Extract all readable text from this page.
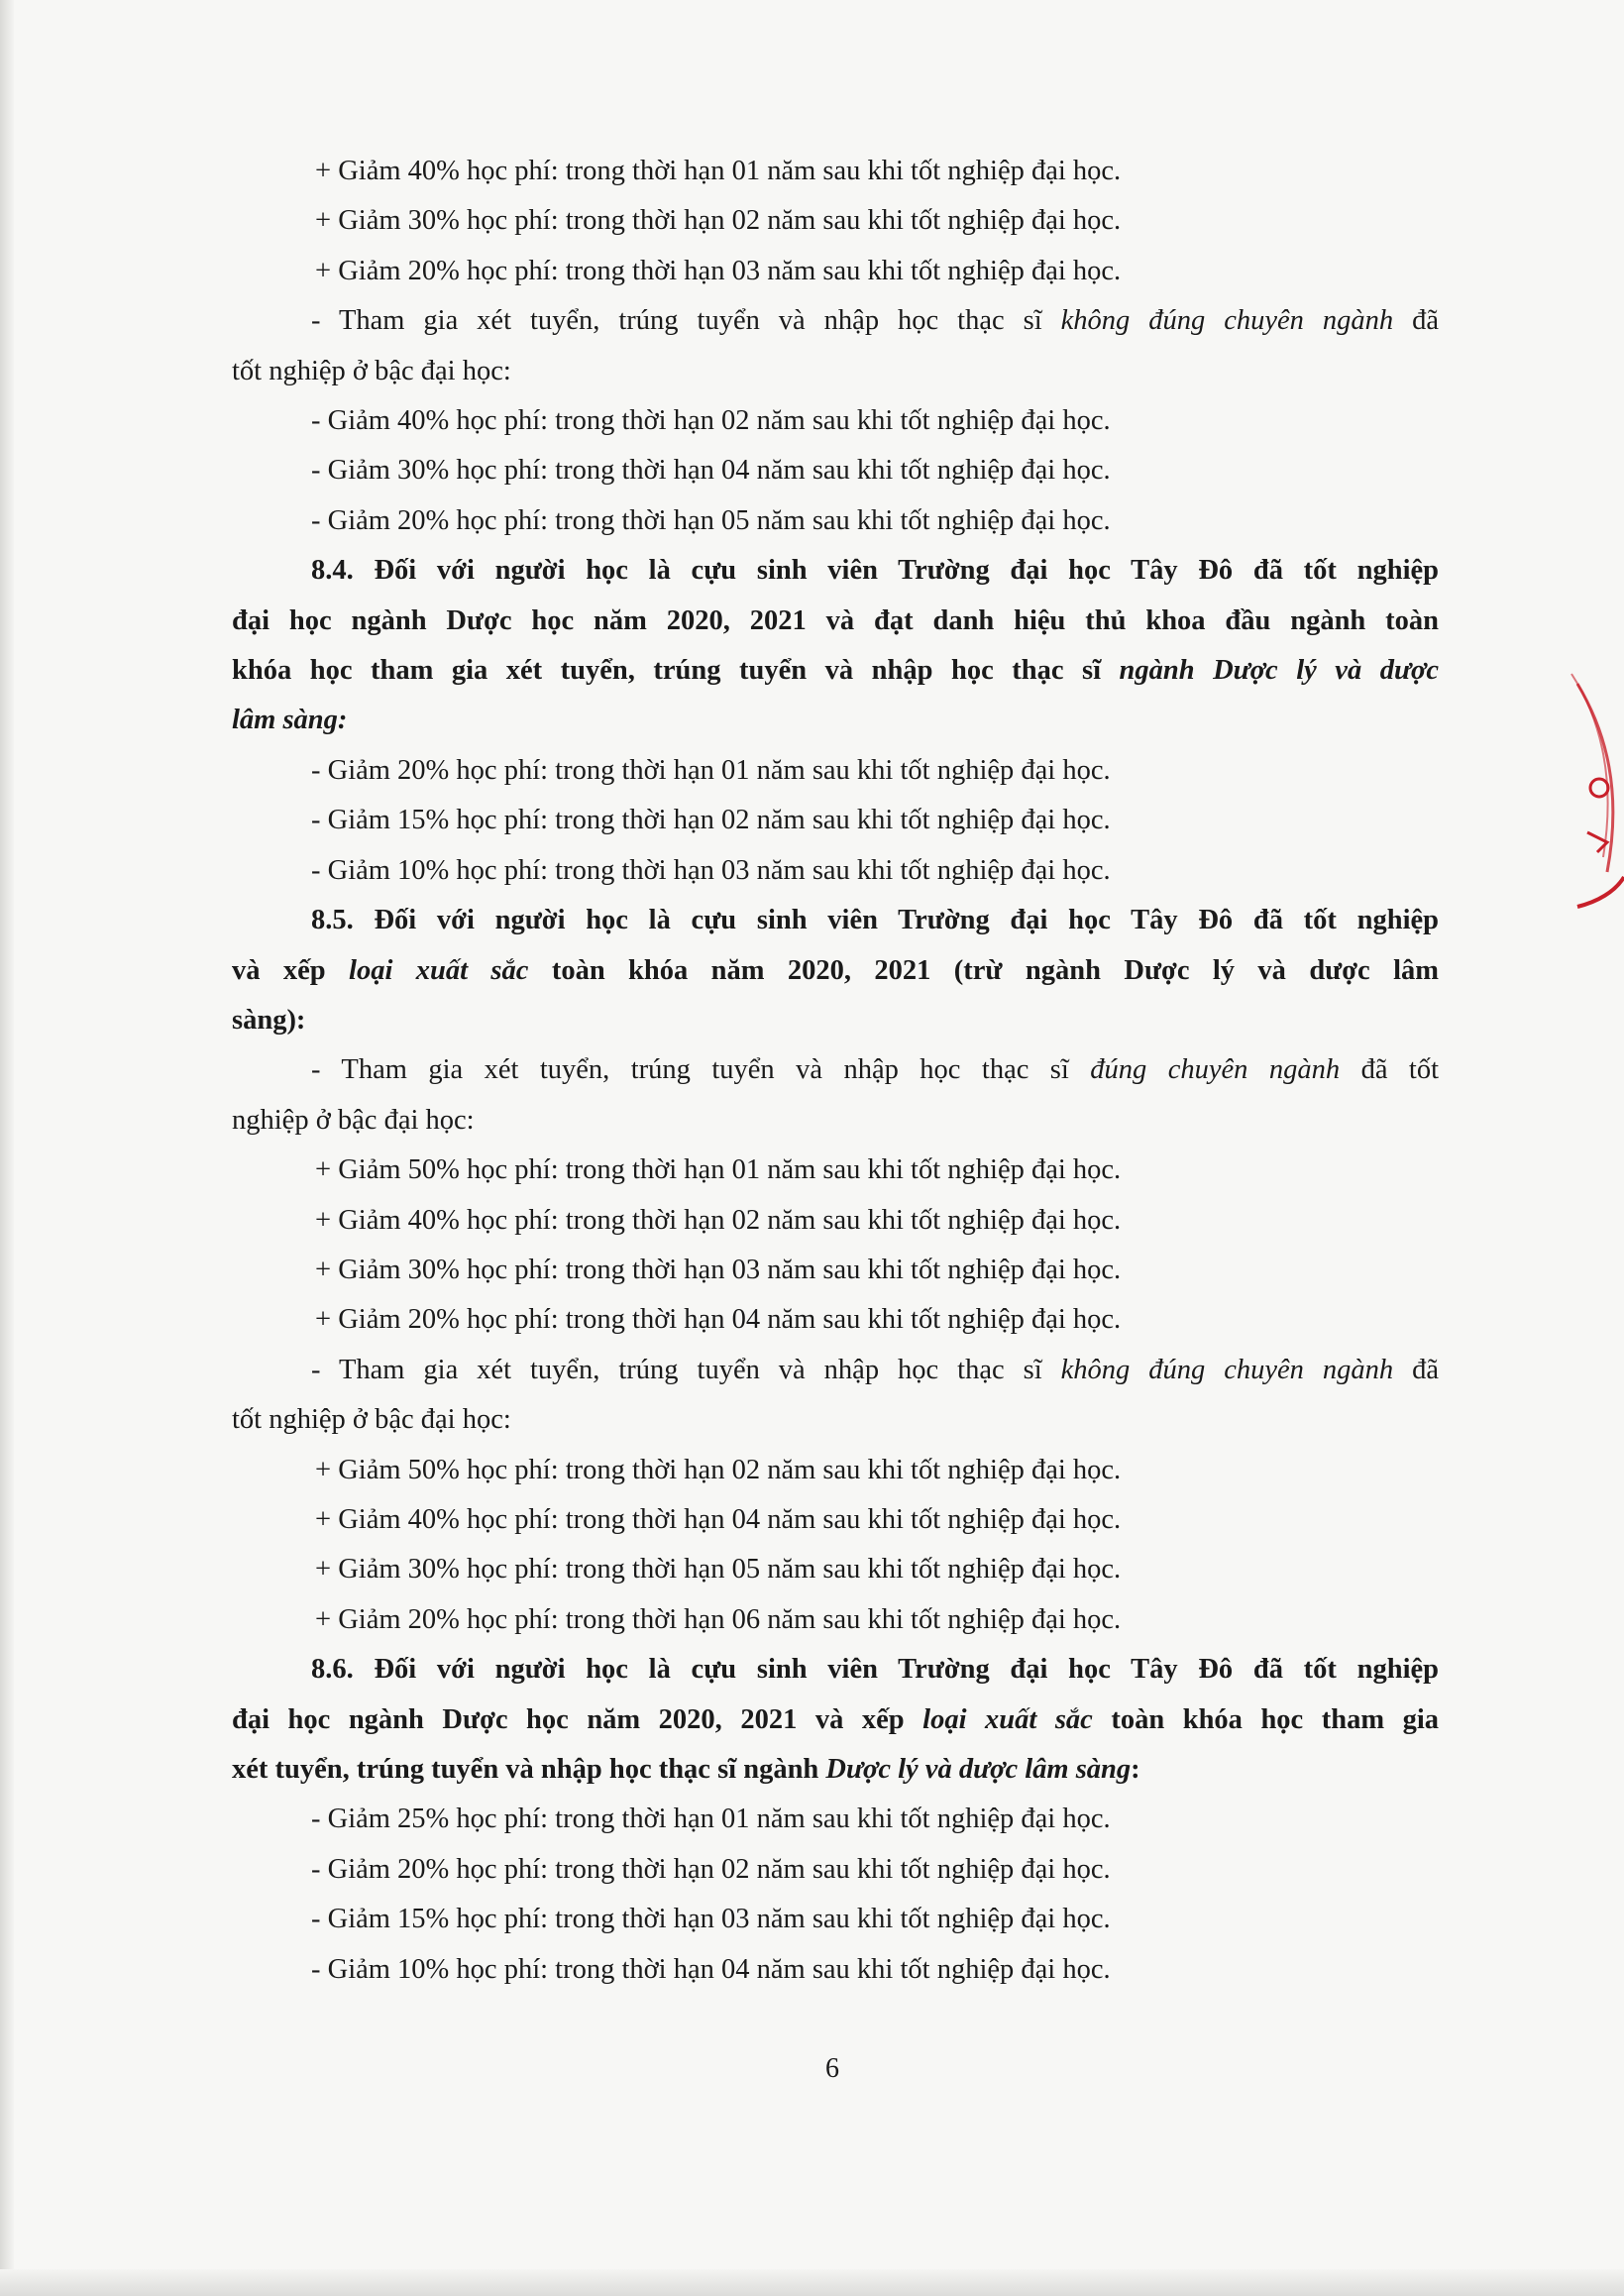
+ Giảm 40% học phí: trong thời hạn 01 năm sau khi tốt nghiệp đại học.
+ Giảm 30% học phí: trong thời hạn 02 năm sau khi tốt nghiệp đại học.
+ Giảm 20% học phí: trong thời hạn 03 năm sau khi tốt nghiệp đại học.
- Tham gia xét tuyển, trúng tuyển và nhập học thạc sĩ không đúng chuyên ngành đã
tốt nghiệp ở bậc đại học:
- Giảm 40% học phí: trong thời hạn 02 năm sau khi tốt nghiệp đại học.
- Giảm 30% học phí: trong thời hạn 04 năm sau khi tốt nghiệp đại học.
- Giảm 20% học phí: trong thời hạn 05 năm sau khi tốt nghiệp đại học.
8.4. Đối với người học là cựu sinh viên Trường đại học Tây Đô đã tốt nghiệp
đại học ngành Dược học năm 2020, 2021 và đạt danh hiệu thủ khoa đầu ngành toàn
khóa học tham gia xét tuyển, trúng tuyển và nhập học thạc sĩ ngành Dược lý và dược
lâm sàng:
- Giảm 20% học phí: trong thời hạn 01 năm sau khi tốt nghiệp đại học.
- Giảm 15% học phí: trong thời hạn 02 năm sau khi tốt nghiệp đại học.
- Giảm 10% học phí: trong thời hạn 03 năm sau khi tốt nghiệp đại học.
8.5. Đối với người học là cựu sinh viên Trường đại học Tây Đô đã tốt nghiệp
và xếp loại xuất sắc toàn khóa năm 2020, 2021 (trừ ngành Dược lý và dược lâm
sàng):
- Tham gia xét tuyển, trúng tuyển và nhập học thạc sĩ đúng chuyên ngành đã tốt
nghiệp ở bậc đại học:
+ Giảm 50% học phí: trong thời hạn 01 năm sau khi tốt nghiệp đại học.
+ Giảm 40% học phí: trong thời hạn 02 năm sau khi tốt nghiệp đại học.
+ Giảm 30% học phí: trong thời hạn 03 năm sau khi tốt nghiệp đại học.
+ Giảm 20% học phí: trong thời hạn 04 năm sau khi tốt nghiệp đại học.
- Tham gia xét tuyển, trúng tuyển và nhập học thạc sĩ không đúng chuyên ngành đã
tốt nghiệp ở bậc đại học:
+ Giảm 50% học phí: trong thời hạn 02 năm sau khi tốt nghiệp đại học.
+ Giảm 40% học phí: trong thời hạn 04 năm sau khi tốt nghiệp đại học.
+ Giảm 30% học phí: trong thời hạn 05 năm sau khi tốt nghiệp đại học.
+ Giảm 20% học phí: trong thời hạn 06 năm sau khi tốt nghiệp đại học.
8.6. Đối với người học là cựu sinh viên Trường đại học Tây Đô đã tốt nghiệp
đại học ngành Dược học năm 2020, 2021 và xếp loại xuất sắc toàn khóa học tham gia
xét tuyển, trúng tuyển và nhập học thạc sĩ ngành Dược lý và dược lâm sàng:
- Giảm 25% học phí: trong thời hạn 01 năm sau khi tốt nghiệp đại học.
- Giảm 20% học phí: trong thời hạn 02 năm sau khi tốt nghiệp đại học.
- Giảm 15% học phí: trong thời hạn 03 năm sau khi tốt nghiệp đại học.
- Giảm 10% học phí: trong thời hạn 04 năm sau khi tốt nghiệp đại học.
6
